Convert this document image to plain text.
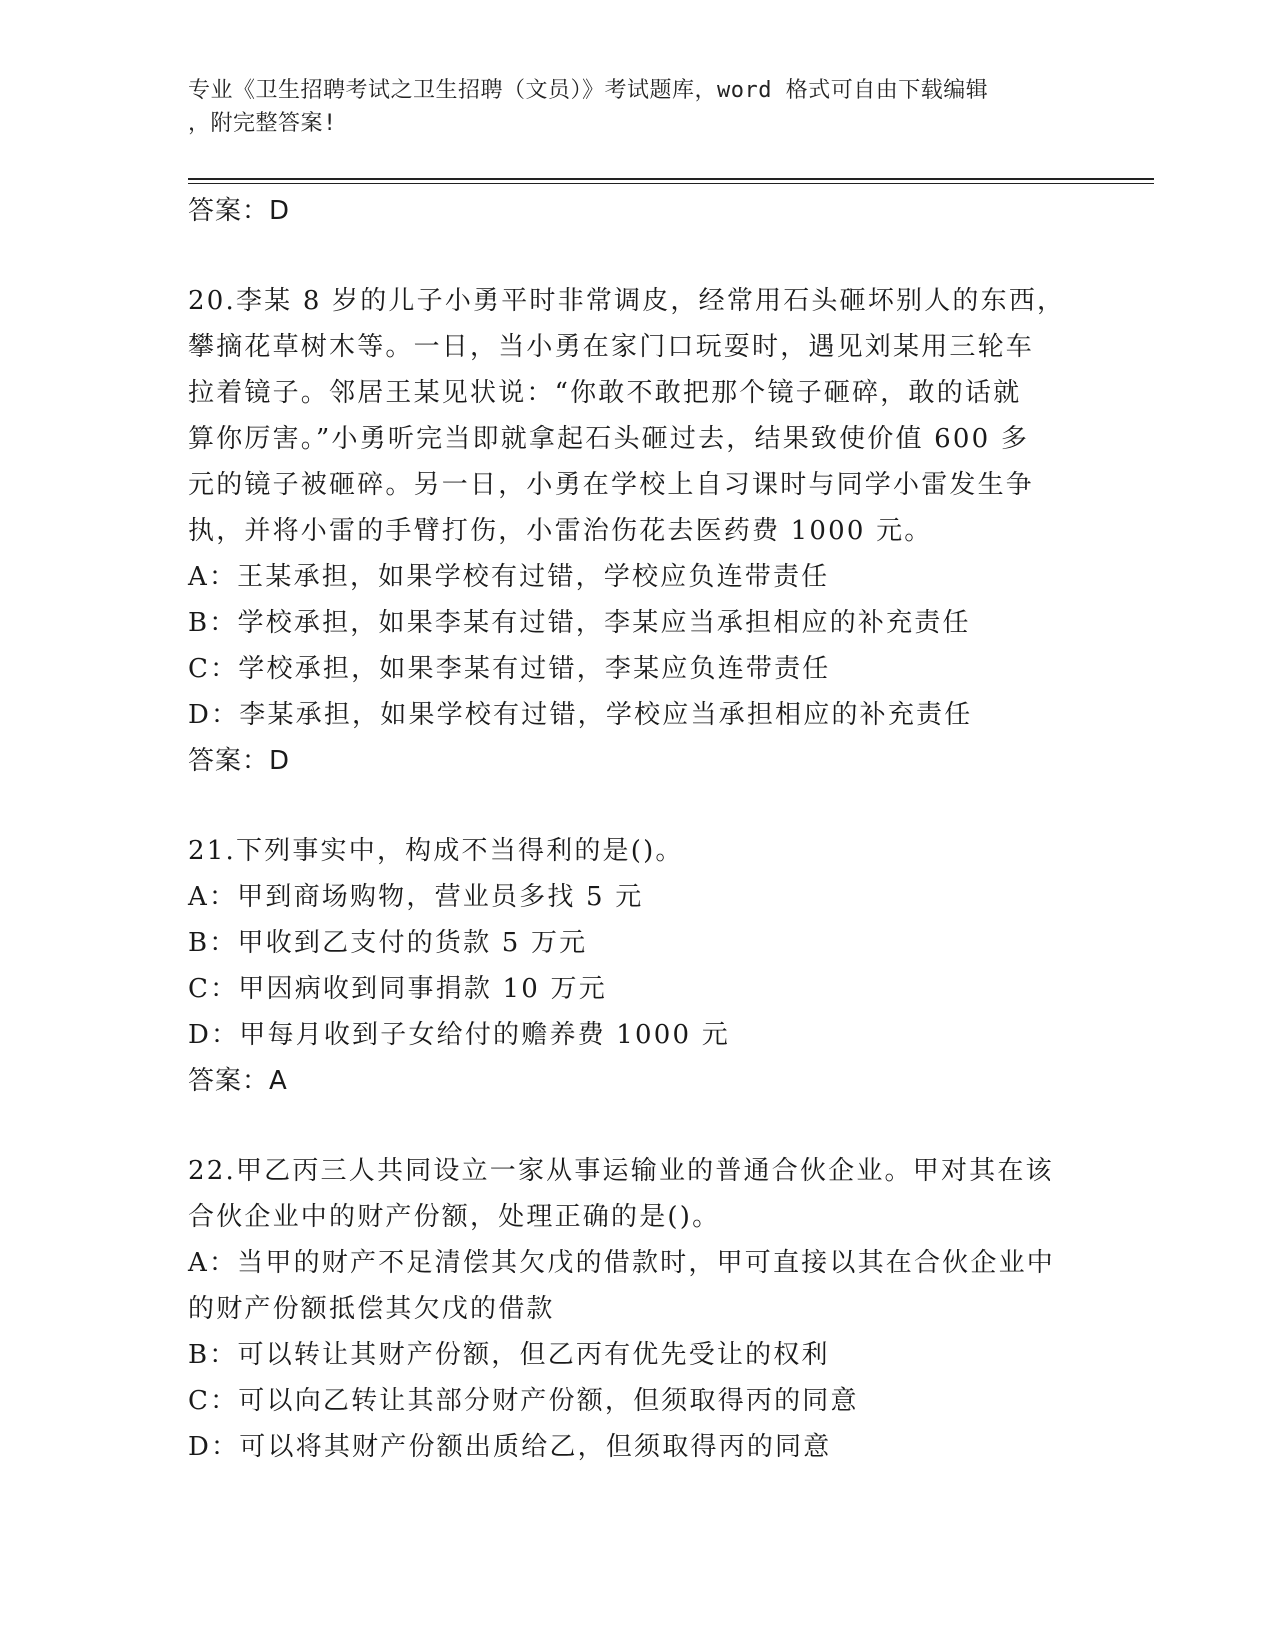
专业《卫生招聘考试之卫生招聘（文员）》考试题库，word 格式可自由下载编辑
，附完整答案!
答案：D
20.李某 8 岁的儿子小勇平时非常调皮，经常用石头砸坏别人的东西，
攀摘花草树木等。一日，当小勇在家门口玩耍时，遇见刘某用三轮车
拉着镜子。邻居王某见状说：“你敢不敢把那个镜子砸碎，敢的话就
算你厉害。”小勇听完当即就拿起石头砸过去，结果致使价值 600 多
元的镜子被砸碎。另一日，小勇在学校上自习课时与同学小雷发生争
执，并将小雷的手臂打伤，小雷治伤花去医药费 1000 元。
A：王某承担，如果学校有过错，学校应负连带责任
B：学校承担，如果李某有过错，李某应当承担相应的补充责任
C：学校承担，如果李某有过错，李某应负连带责任
D：李某承担，如果学校有过错，学校应当承担相应的补充责任
答案：D
21.下列事实中，构成不当得利的是()。
A：甲到商场购物，营业员多找 5 元
B：甲收到乙支付的货款 5 万元
C：甲因病收到同事捐款 10 万元
D：甲每月收到子女给付的赡养费 1000 元
答案：A
22.甲乙丙三人共同设立一家从事运输业的普通合伙企业。甲对其在该
合伙企业中的财产份额，处理正确的是()。
A：当甲的财产不足清偿其欠戊的借款时，甲可直接以其在合伙企业中
的财产份额抵偿其欠戊的借款
B：可以转让其财产份额，但乙丙有优先受让的权利
C：可以向乙转让其部分财产份额，但须取得丙的同意
D：可以将其财产份额出质给乙，但须取得丙的同意
